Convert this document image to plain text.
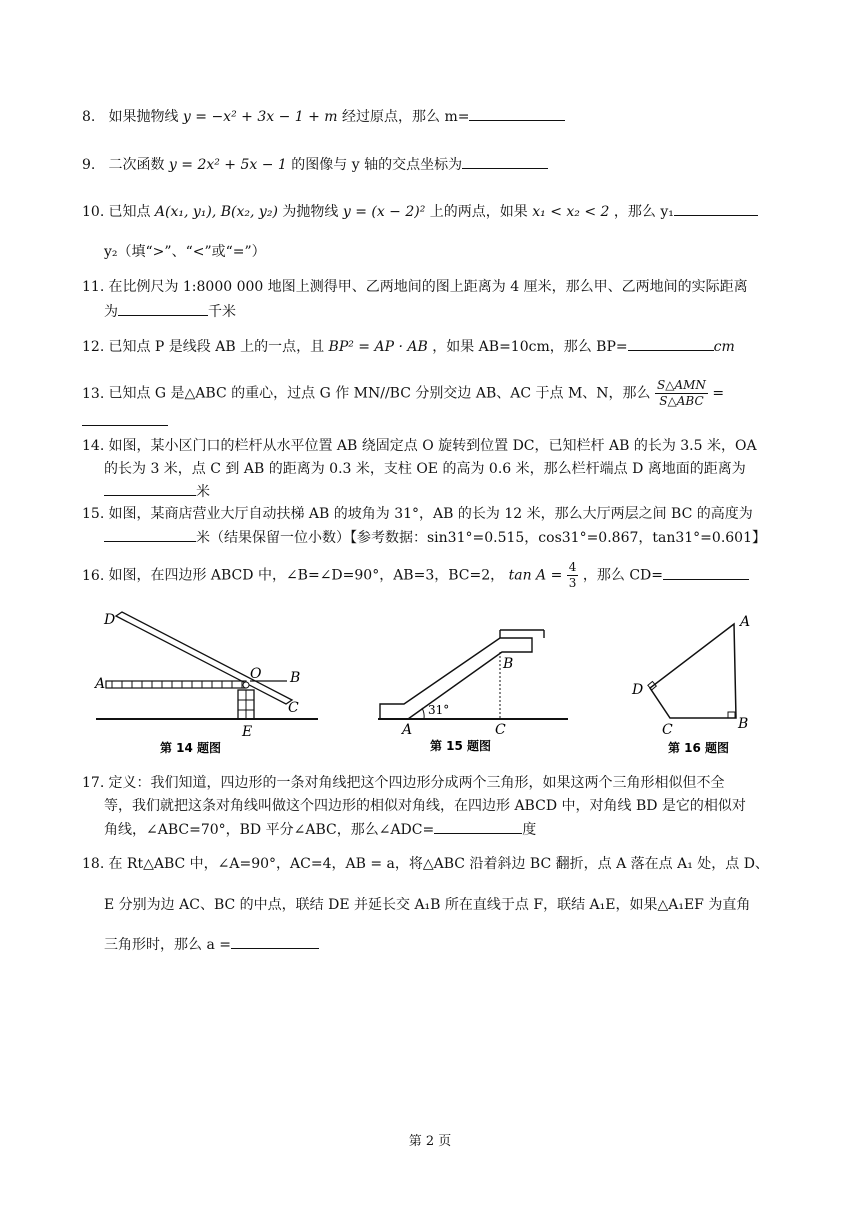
8. 如果抛物线 y = −x² + 3x − 1 + m 经过原点，那么 m=
9. 二次函数 y = 2x² + 5x − 1 的图像与 y 轴的交点坐标为
10. 已知点 A(x₁, y₁), B(x₂, y₂) 为抛物线 y = (x − 2)² 上的两点，如果 x₁ < x₂ < 2 ，那么 y₁
y₂（填“>”、“<”或“=”）
11. 在比例尺为 1:8000 000 地图上测得甲、乙两地间的图上距离为 4 厘米，那么甲、乙两地间的实际距离
为	千米
12. 已知点 P 是线段 AB 上的一点，且 BP² = AP · AB ，如果 AB=10cm，那么 BP=	cm
13. 已知点 G 是△ABC 的重心，过点 G 作 MN//BC 分别交边 AB、AC 于点 M、N，那么 $\frac{\text{S△AMN}}{\text{S△ABC}}$ =
14. 如图，某小区门口的栏杆从水平位置 AB 绕固定点 O 旋转到位置 DC，已知栏杆 AB 的长为 3.5 米，OA
的长为 3 米，点 C 到 AB 的距离为 0.3 米，支柱 OE 的高为 0.6 米，那么栏杆端点 D 离地面的距离为
米
15. 如图，某商店营业大厅自动扶梯 AB 的坡角为 31°，AB 的长为 12 米，那么大厅两层之间 BC 的高度为
米（结果保留一位小数）【参考数据：sin31°=0.515，cos31°=0.867，tan31°=0.601】
16. 如图，在四边形 ABCD 中，∠B=∠D=90°，AB=3，BC=2， $\tan A = \frac{4}{3}$ ，那么 CD=
D
A
O B
C
E
第 14 题图
A
B
C
31°
第 15 题图
A
B
C
D
第 16 题图
17. 定义：我们知道，四边形的一条对角线把这个四边形分成两个三角形，如果这两个三角形相似但不全
等，我们就把这条对角线叫做这个四边形的相似对角线，在四边形 ABCD 中，对角线 BD 是它的相似对
角线，∠ABC=70°，BD 平分∠ABC，那么∠ADC=	度
18. 在 Rt△ABC 中，∠A=90°，AC=4，AB = a，将△ABC 沿着斜边 BC 翻折，点 A 落在点 A₁ 处，点 D、
E 分别为边 AC、BC 的中点，联结 DE 并延长交 A₁B 所在直线于点 F，联结 A₁E，如果△A₁EF 为直角
三角形时，那么 a =
第 2 页
